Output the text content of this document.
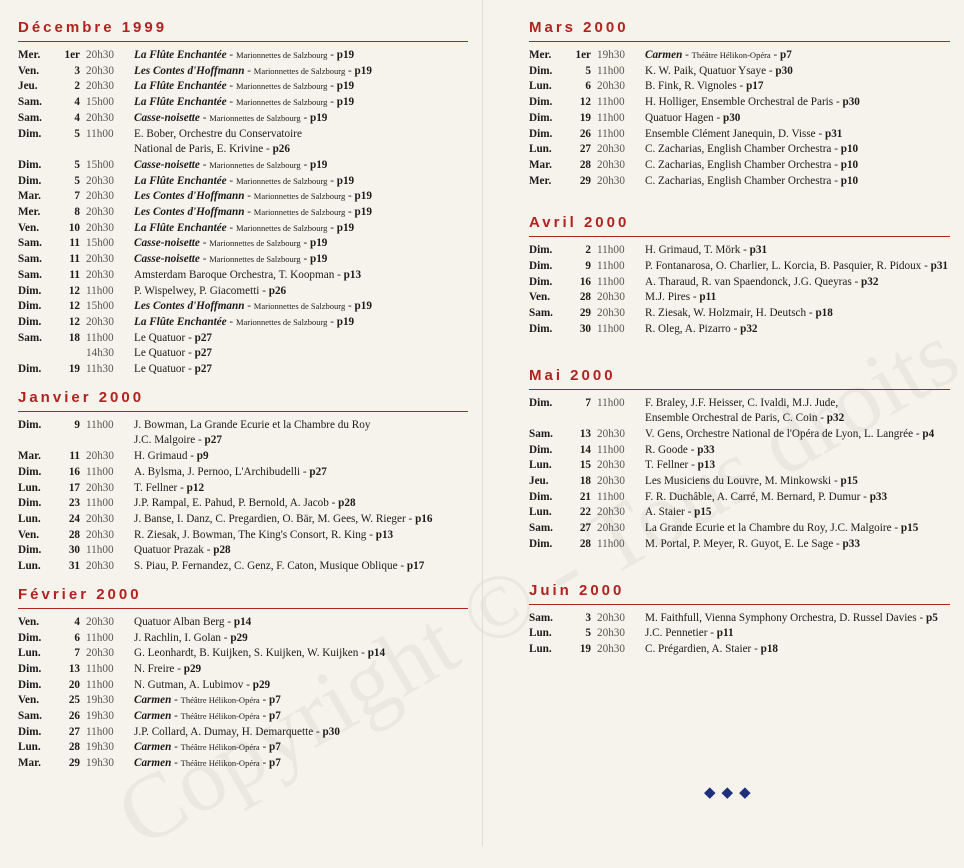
Décembre 1999
Mer.	1er 20h30	La Flûte Enchantée - Marionnettes de Salzbourg - p19
Ven.	3 20h30	Les Contes d'Hoffmann - Marionnettes de Salzbourg - p19
Jeu.	2 20h30	La Flûte Enchantée - Marionnettes de Salzbourg - p19
Sam.	4 15h00	La Flûte Enchantée - Marionnettes de Salzbourg - p19
Sam.	4 20h30	Casse-noisette - Marionnettes de Salzbourg - p19
Dim.	5 11h00	E. Bober, Orchestre du Conservatoire
National de Paris, E. Krivine - p26
Dim.	5 15h00	Casse-noisette - Marionnettes de Salzbourg - p19
Dim.	5 20h30	La Flûte Enchantée - Marionnettes de Salzbourg - p19
Mar.	7 20h30	Les Contes d'Hoffmann - Marionnettes de Salzbourg - p19
Mer.	8 20h30	Les Contes d'Hoffmann - Marionnettes de Salzbourg - p19
Ven.	10 20h30	La Flûte Enchantée - Marionnettes de Salzbourg - p19
Sam.	11 15h00	Casse-noisette - Marionnettes de Salzbourg - p19
Sam.	11 20h30	Casse-noisette - Marionnettes de Salzbourg - p19
Sam.	11 20h30	Amsterdam Baroque Orchestra, T. Koopman - p13
Dim.	12 11h00	P. Wispelwey, P. Giacometti - p26
Dim.	12 15h00	Les Contes d'Hoffmann - Marionnettes de Salzbourg - p19
Dim.	12 20h30	La Flûte Enchantée - Marionnettes de Salzbourg - p19
Sam.	18 11h00	Le Quatuor - p27
14h30	Le Quatuor - p27
Dim.	19 11h30	Le Quatuor - p27
Janvier 2000
Dim.	9 11h00	J. Bowman, La Grande Ecurie et la Chambre du Roy
J.C. Malgoire - p27
Mar.	11 20h30	H. Grimaud - p9
Dim.	16 11h00	A. Bylsma, J. Pernoo, L'Archibudelli - p27
Lun.	17 20h30	T. Fellner - p12
Dim.	23 11h00	J.P. Rampal, E. Pahud, P. Bernold, A. Jacob - p28
Lun.	24 20h30	J. Banse, I. Danz, C. Pregardien, O. Bär, M. Gees, W. Rieger - p16
Ven.	28 20h30	R. Ziesak, J. Bowman, The King's Consort, R. King - p13
Dim.	30 11h00	Quatuor Prazak - p28
Lun.	31 20h30	S. Piau, P. Fernandez, C. Genz, F. Caton, Musique Oblique - p17
Février 2000
Ven.	4 20h30	Quatuor Alban Berg - p14
Dim.	6 11h00	J. Rachlin, I. Golan - p29
Lun.	7 20h30	G. Leonhardt, B. Kuijken, S. Kuijken, W. Kuijken - p14
Dim.	13 11h00	N. Freire - p29
Dim.	20 11h00	N. Gutman, A. Lubimov - p29
Ven.	25 19h30	Carmen - Théâtre Hélikon-Opéra - p7
Sam.	26 19h30	Carmen - Théâtre Hélikon-Opéra - p7
Dim.	27 11h00	J.P. Collard, A. Dumay, H. Demarquette - p30
Lun.	28 19h30	Carmen - Théâtre Hélikon-Opéra - p7
Mar.	29 19h30	Carmen - Théâtre Hélikon-Opéra - p7
Mars 2000
Mer.	1er 19h30	Carmen - Théâtre Hélikon-Opéra - p7
Dim.	5 11h00	K. W. Paik, Quatuor Ysaye - p30
Lun.	6 20h30	B. Fink, R. Vignoles - p17
Dim.	12 11h00	H. Holliger, Ensemble Orchestral de Paris - p30
Dim.	19 11h00	Quatuor Hagen - p30
Dim.	26 11h00	Ensemble Clément Janequin, D. Visse - p31
Lun.	27 20h30	C. Zacharias, English Chamber Orchestra - p10
Mar.	28 20h30	C. Zacharias, English Chamber Orchestra - p10
Mer.	29 20h30	C. Zacharias, English Chamber Orchestra - p10
Avril 2000
Dim.	2 11h00	H. Grimaud, T. Mörk - p31
Dim.	9 11h00	P. Fontanarosa, O. Charlier, L. Korcia, B. Pasquier, R. Pidoux - p31
Dim.	16 11h00	A. Tharaud, R. van Spaendonck, J.G. Queyras - p32
Ven.	28 20h30	M.J. Pires - p11
Sam.	29 20h30	R. Ziesak, W. Holzmair, H. Deutsch - p18
Dim.	30 11h00	R. Oleg, A. Pizarro - p32
Mai 2000
Dim.	7 11h00	F. Braley, J.F. Heisser, C. Ivaldi, M.J. Jude,
Ensemble Orchestral de Paris, C. Coin - p32
Sam.	13 20h30	V. Gens, Orchestre National de l'Opéra de Lyon, L. Langrée - p4
Dim.	14 11h00	R. Goode - p33
Lun.	15 20h30	T. Fellner - p13
Jeu.	18 20h30	Les Musiciens du Louvre, M. Minkowski - p15
Dim.	21 11h00	F. R. Duchâble, A. Carré, M. Bernard, P. Dumur - p33
Lun.	22 20h30	A. Staier - p15
Sam.	27 20h30	La Grande Ecurie et la Chambre du Roy, J.C. Malgoire - p15
Dim.	28 11h00	M. Portal, P. Meyer, R. Guyot, E. Le Sage - p33
Juin 2000
Sam.	3 20h30	M. Faithfull, Vienna Symphony Orchestra, D. Russel Davies - p5
Lun.	5 20h30	J.C. Pennetier - p11
Lun.	19 20h30	C. Prégardien, A. Staier - p18
◆◆◆
